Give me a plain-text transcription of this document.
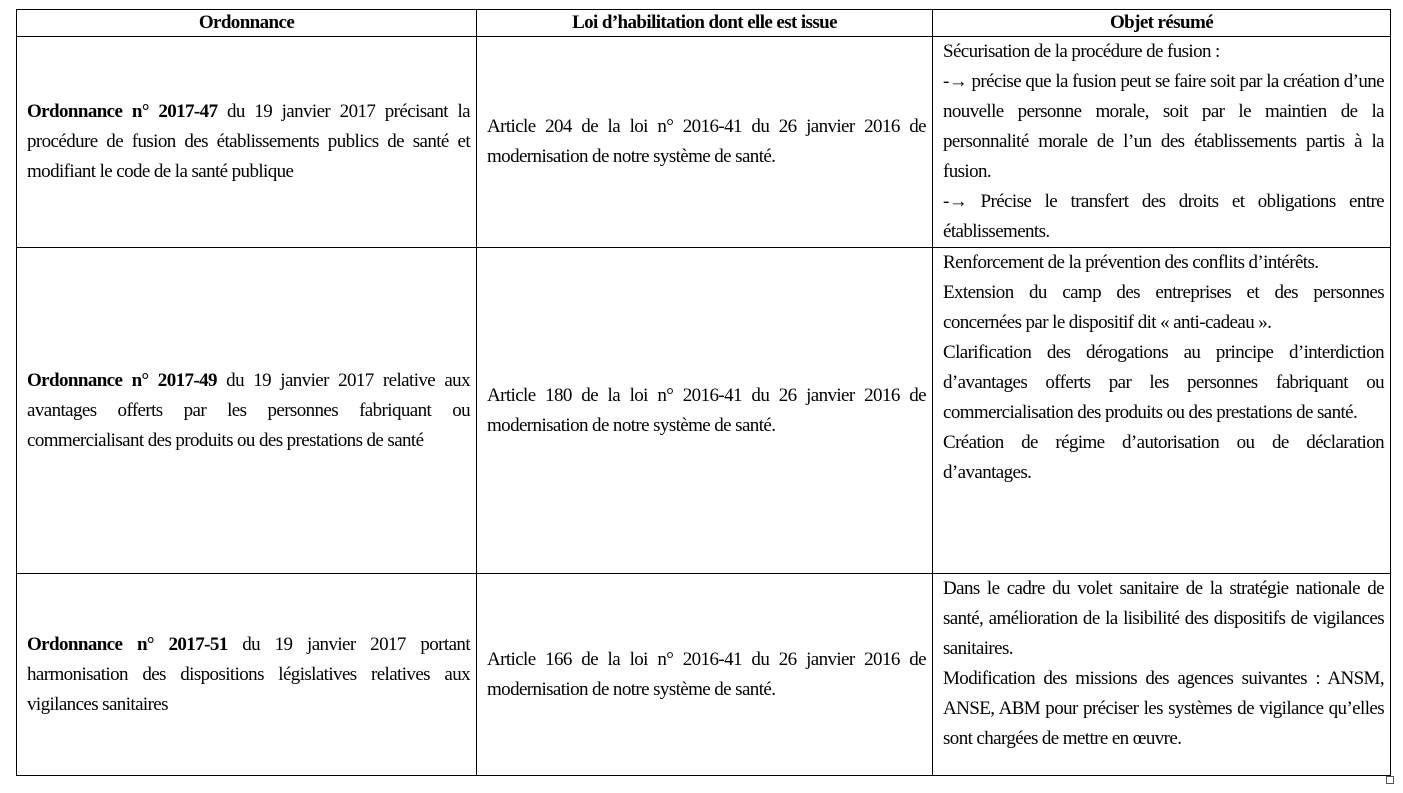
Ordonnance	Loi d’habilitation dont elle est issue	Objet résumé
Ordonnance n° 2017-47 du 19 janvier 2017 précisant la procédure de fusion des établissements publics de santé et modifiant le code de la santé publique	Article 204 de la loi n° 2016-41 du 26 janvier 2016 de modernisation de notre système de santé.	Sécurisation de la procédure de fusion :
-→ précise que la fusion peut se faire soit par la création d’une nouvelle personne morale, soit par le maintien de la personnalité morale de l’un des établissements partis à la fusion.
-→ Précise le transfert des droits et obligations entre établissements.

Ordonnance n° 2017-49 du 19 janvier 2017 relative aux avantages offerts par les personnes fabriquant ou commercialisant des produits ou des prestations de santé	Article 180 de la loi n° 2016-41 du 26 janvier 2016 de modernisation de notre système de santé.	Renforcement de la prévention des conflits d’intérêts.
Extension du camp des entreprises et des personnes concernées par le dispositif dit « anti-cadeau ».
Clarification des dérogations au principe d’interdiction d’avantages offerts par les personnes fabriquant ou commercialisation des produits ou des prestations de santé.
Création de régime d’autorisation ou de déclaration d’avantages.

Ordonnance n° 2017-51 du 19 janvier 2017 portant harmonisation des dispositions législatives relatives aux vigilances sanitaires	Article 166 de la loi n° 2016-41 du 26 janvier 2016 de modernisation de notre système de santé.	Dans le cadre du volet sanitaire de la stratégie nationale de santé, amélioration de la lisibilité des dispositifs de vigilances sanitaires.
Modification des missions des agences suivantes : ANSM, ANSE, ABM pour préciser les systèmes de vigilance qu’elles sont chargées de mettre en œuvre.
